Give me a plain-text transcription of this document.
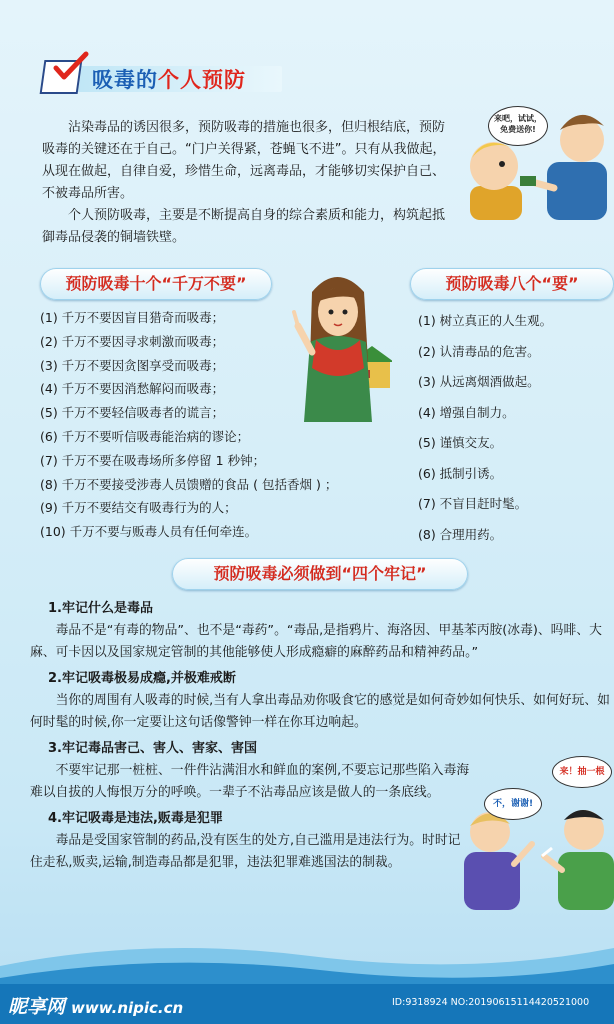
吸毒的个人预防

沾染毒品的诱因很多，预防吸毒的措施也很多，但归根结底，预防吸毒的关键还在于自己。“门户关得紧，苍蝇飞不进”。只有从我做起，从现在做起，自律自爱，珍惜生命，远离毒品，才能够切实保护自己、不被毒品所害。

个人预防吸毒，主要是不断提高自身的综合素质和能力，构筑起抵御毒品侵袭的铜墙铁壁。

来吧，试试，
免费送你!
预防吸毒十个“千万不要”
(1) 千万不要因盲目猎奇而吸毒；
(2) 千万不要因寻求刺激而吸毒；
(3) 千万不要因贪图享受而吸毒；
(4) 千万不要因消愁解闷而吸毒；
(5) 千万不要轻信吸毒者的谎言；
(6) 千万不要听信吸毒能治病的谬论；
(7) 千万不要在吸毒场所多停留 1 秒钟；
(8) 千万不要接受涉毒人员馈赠的食品 ( 包括香烟 ) ；
(9) 千万不要结交有吸毒行为的人；
(10) 千万不要与贩毒人员有任何牵连。
预防吸毒八个“要”
(1) 树立真正的人生观。
(2) 认清毒品的危害。
(3) 从远离烟酒做起。
(4) 增强自制力。
(5) 谨慎交友。
(6) 抵制引诱。
(7) 不盲目赶时髦。
(8) 合理用药。
预防吸毒必须做到“四个牢记”

1.牢记什么是毒品

毒品不是“有毒的物品”、也不是“毒药”。“毒品,是指鸦片、海洛因、甲基苯丙胺(冰毒)、吗啡、大麻、可卡因以及国家规定管制的其他能够使人形成瘾癖的麻醉药品和精神药品。”

2.牢记吸毒极易成瘾,并极难戒断

当你的周围有人吸毒的时候,当有人拿出毒品劝你吸食它的感觉是如何奇妙如何快乐、如何好玩、如何时髦的时候,你一定要让这句话像警钟一样在你耳边响起。

3.牢记毒品害己、害人、害家、害国

不要牢记那一桩桩、一件件沾满泪水和鲜血的案例,不要忘记那些陷入毒海难以自拔的人悔恨万分的呼唤。一辈子不沾毒品应该是做人的一条底线。

4.牢记吸毒是违法,贩毒是犯罪

毒品是受国家管制的药品,没有医生的处方,自己滥用是违法行为。时时记住走私,贩卖,运输,制造毒品都是犯罪，违法犯罪难逃国法的制裁。

不，谢谢!
来！抽一根
昵享网 www.nipic.cn	ID:9318924 NO:20190615114420521000
